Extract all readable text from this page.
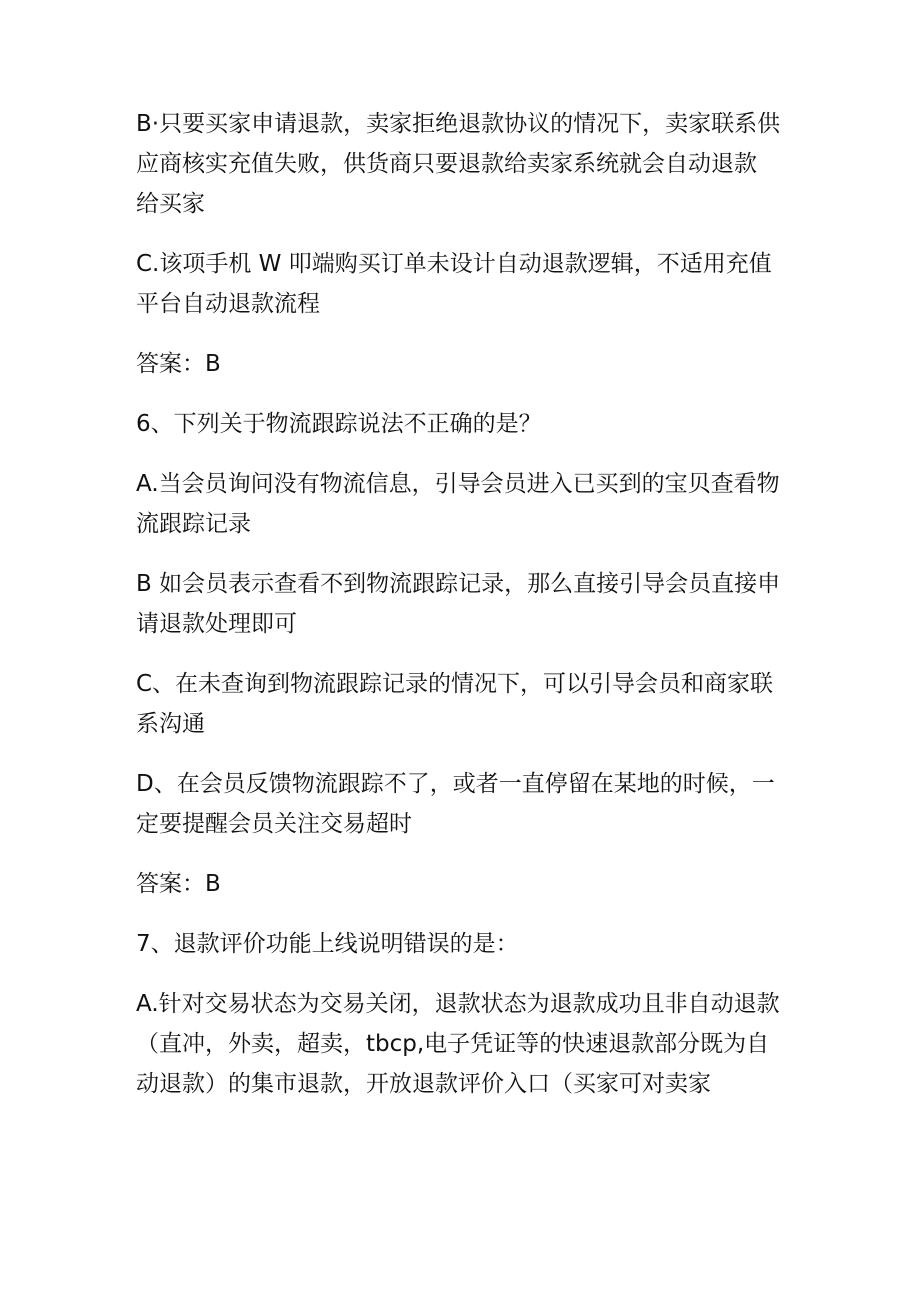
B·只要买家申请退款，卖家拒绝退款协议的情况下，卖家联系供
应商核实充值失败，供货商只要退款给卖家系统就会自动退款
给买家
C.该项手机 W 叩端购买订单未设计自动退款逻辑，不适用充值
平台自动退款流程
答案：B
6、下列关于物流跟踪说法不正确的是？
A.当会员询问没有物流信息，引导会员进入已买到的宝贝查看物
流跟踪记录
B 如会员表示查看不到物流跟踪记录，那么直接引导会员直接申
请退款处理即可
C、在未查询到物流跟踪记录的情况下，可以引导会员和商家联
系沟通
D、在会员反馈物流跟踪不了，或者一直停留在某地的时候，一
定要提醒会员关注交易超时
答案：B
7、退款评价功能上线说明错误的是：
A.针对交易状态为交易关闭，退款状态为退款成功且非自动退款
（直冲，外卖，超卖，tbcp,电子凭证等的快速退款部分既为自
动退款）的集市退款，开放退款评价入口（买家可对卖家
